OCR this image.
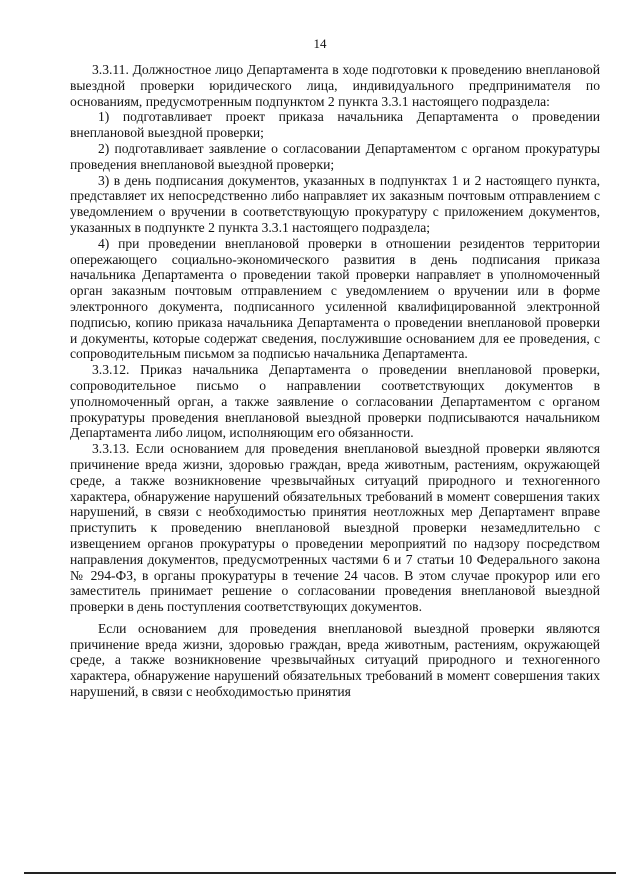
14

3.3.11. Должностное лицо Департамента в ходе подготовки к проведению внеплановой выездной проверки юридического лица, индивидуального предпринимателя по основаниям, предусмотренным подпунктом 2 пункта 3.3.1 настоящего подраздела:

1) подготавливает проект приказа начальника Департамента о проведении внеплановой выездной проверки;

2) подготавливает заявление о согласовании Департаментом с органом прокуратуры проведения внеплановой выездной проверки;

3) в день подписания документов, указанных в подпунктах 1 и 2 настоящего пункта, представляет их непосредственно либо направляет их заказным почтовым отправлением с уведомлением о вручении в соответствующую прокуратуру с приложением документов, указанных в подпункте 2 пункта 3.3.1 настоящего подраздела;

4) при проведении внеплановой проверки в отношении резидентов территории опережающего социально-экономического развития в день подписания приказа начальника Департамента о проведении такой проверки направляет в уполномоченный орган заказным почтовым отправлением с уведомлением о вручении или в форме электронного документа, подписанного усиленной квалифицированной электронной подписью, копию приказа начальника Департамента о проведении внеплановой проверки и документы, которые содержат сведения, послужившие основанием для ее проведения, с сопроводительным письмом за подписью начальника Департамента.

3.3.12. Приказ начальника Департамента о проведении внеплановой проверки, сопроводительное письмо о направлении соответствующих документов в уполномоченный орган, а также заявление о согласовании Департаментом с органом прокуратуры проведения внеплановой выездной проверки подписываются начальником Департамента либо лицом, исполняющим его обязанности.

3.3.13. Если основанием для проведения внеплановой выездной проверки являются причинение вреда жизни, здоровью граждан, вреда животным, растениям, окружающей среде, а также возникновение чрезвычайных ситуаций природного и техногенного характера, обнаружение нарушений обязательных требований в момент совершения таких нарушений, в связи с необходимостью принятия неотложных мер Департамент вправе приступить к проведению внеплановой выездной проверки незамедлительно с извещением органов прокуратуры о проведении мероприятий по надзору посредством направления документов, предусмотренных частями 6 и 7 статьи 10 Федерального закона № 294-ФЗ, в органы прокуратуры в течение 24 часов. В этом случае прокурор или его заместитель принимает решение о согласовании проведения внеплановой выездной проверки в день поступления соответствующих документов.

Если основанием для проведения внеплановой выездной проверки являются причинение вреда жизни, здоровью граждан, вреда животным, растениям, окружающей среде, а также возникновение чрезвычайных ситуаций природного и техногенного характера, обнаружение нарушений обязательных требований в момент совершения таких нарушений, в связи с необходимостью принятия
